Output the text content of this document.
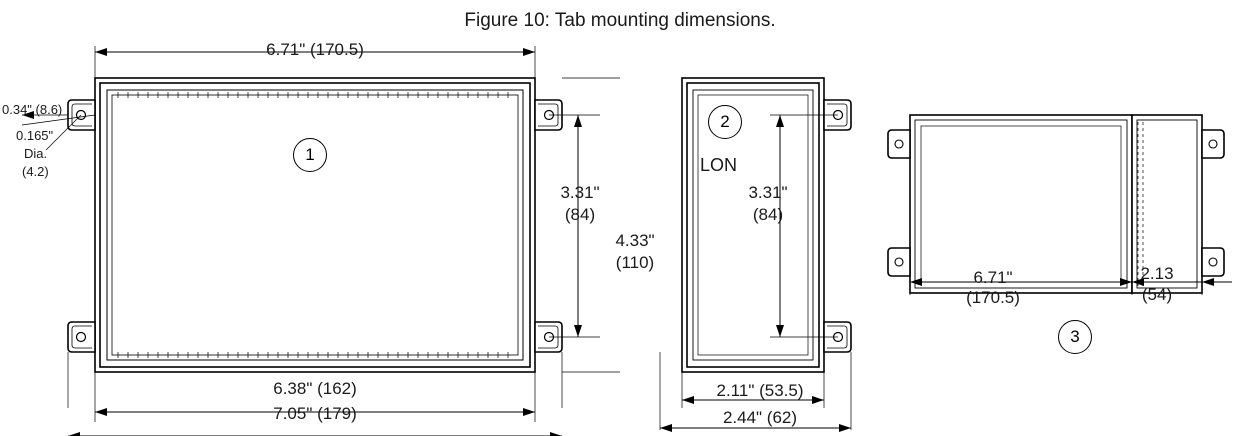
Figure 10: Tab mounting dimensions.
6.71" (170.5)
0.34" (8.6)
0.165"
Dia.
(4.2)
6.38" (162)
7.05" (179)
3.31"
(84)
4.33"
(110)
1
2
LON
3.31"
(84)
2.11" (53.5)
2.44" (62)
6.71"
(170.5)
2.13
(54)
3
